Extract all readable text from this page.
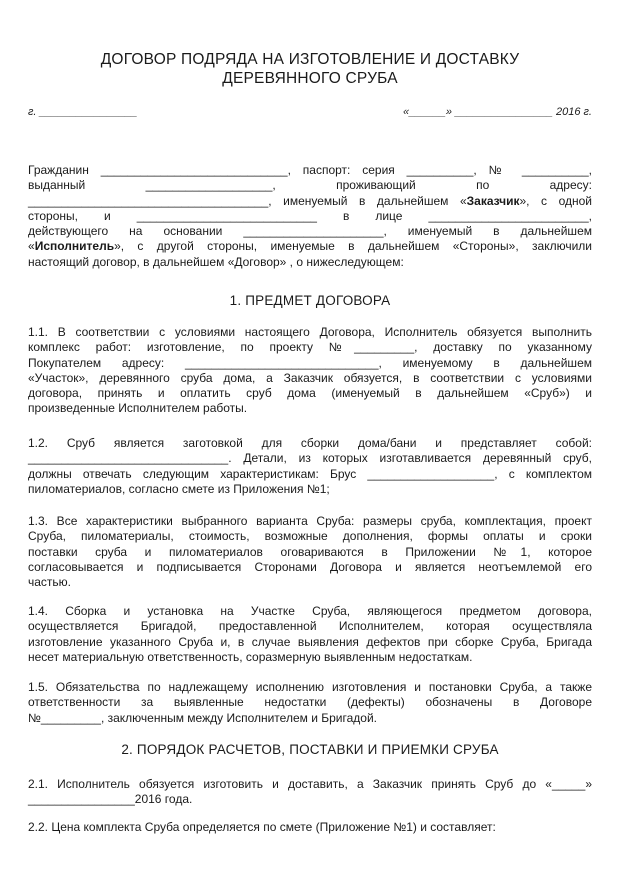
ДОГОВОР ПОДРЯДА НА ИЗГОТОВЛЕНИЕ И ДОСТАВКУ
ДЕРЕВЯННОГО СРУБА
г. ________________	«______» ________________ 2016 г.
Гражданин ____________________________, паспорт: серия __________, № __________,
выданный ___________________, проживающий по адресу:
____________________________________, именуемый в дальнейшем «Заказчик», с одной
стороны, и ___________________________ в лице ________________________,
действующего на основании _____________________, именуемый в дальнейшем
«Исполнитель», с другой стороны, именуемые в дальнейшем «Стороны», заключили
настоящий договор, в дальнейшем «Договор» , о нижеследующем:
1. ПРЕДМЕТ ДОГОВОРА
1.1. В соответствии с условиями настоящего Договора, Исполнитель обязуется выполнить
комплекс работ: изготовление, по проекту №_________, доставку по указанному
Покупателем адресу: _____________________________, именуемому в дальнейшем
«Участок», деревянного сруба дома, а Заказчик обязуется, в соответствии с условиями
договора, принять и оплатить сруб дома (именуемый в дальнейшем «Сруб») и
произведенные Исполнителем работы.
1.2. Сруб является заготовкой для сборки дома/бани и представляет собой:
______________________________. Детали, из которых изготавливается деревянный сруб,
должны отвечать следующим характеристикам: Брус ___________________, с комплектом
пиломатериалов, согласно смете из Приложения №1;
1.3. Все характеристики выбранного варианта Сруба: размеры сруба, комплектация, проект
Сруба, пиломатериалы, стоимость, возможные дополнения, формы оплаты и сроки
поставки сруба и пиломатериалов оговариваются в Приложении №1, которое
согласовывается и подписывается Сторонами Договора и является неотъемлемой его
частью.
1.4. Сборка и установка на Участке Сруба, являющегося предметом договора,
осуществляется Бригадой, предоставленной Исполнителем, которая осуществляла
изготовление указанного Сруба и, в случае выявления дефектов при сборке Сруба, Бригада
несет материальную ответственность, соразмерную выявленным недостаткам.
1.5. Обязательства по надлежащему исполнению изготовления и постановки Сруба, а также
ответственности за выявленные недостатки (дефекты) обозначены в Договоре
№_________, заключенным между Исполнителем и Бригадой.
2. ПОРЯДОК РАСЧЕТОВ, ПОСТАВКИ И ПРИЕМКИ СРУБА
2.1. Исполнитель обязуется изготовить и доставить, а Заказчик принять Сруб до «_____»
________________2016 года.
2.2. Цена комплекта Сруба определяется по смете (Приложение №1) и составляет:
